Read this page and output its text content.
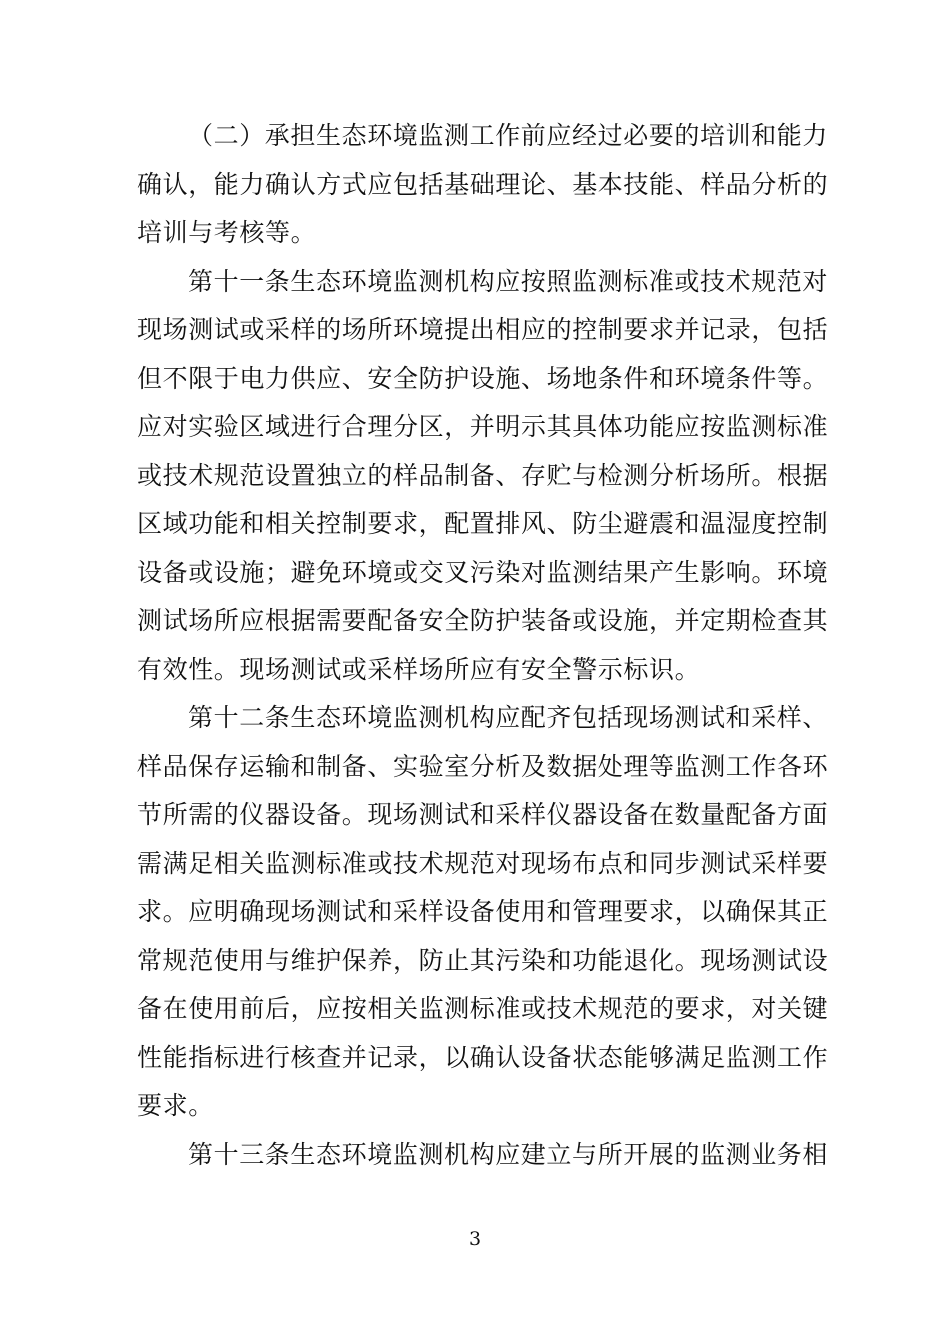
（二）承担生态环境监测工作前应经过必要的培训和能力
确认，能力确认方式应包括基础理论、基本技能、样品分析的
培训与考核等。
第十一条生态环境监测机构应按照监测标准或技术规范对
现场测试或采样的场所环境提出相应的控制要求并记录，包括
但不限于电力供应、安全防护设施、场地条件和环境条件等。
应对实验区域进行合理分区，并明示其具体功能应按监测标准
或技术规范设置独立的样品制备、存贮与检测分析场所。根据
区域功能和相关控制要求，配置排风、防尘避震和温湿度控制
设备或设施；避免环境或交叉污染对监测结果产生影响。环境
测试场所应根据需要配备安全防护装备或设施，并定期检查其
有效性。现场测试或采样场所应有安全警示标识。
第十二条生态环境监测机构应配齐包括现场测试和采样、
样品保存运输和制备、实验室分析及数据处理等监测工作各环
节所需的仪器设备。现场测试和采样仪器设备在数量配备方面
需满足相关监测标准或技术规范对现场布点和同步测试采样要
求。应明确现场测试和采样设备使用和管理要求，以确保其正
常规范使用与维护保养，防止其污染和功能退化。现场测试设
备在使用前后，应按相关监测标准或技术规范的要求，对关键
性能指标进行核查并记录，以确认设备状态能够满足监测工作
要求。
第十三条生态环境监测机构应建立与所开展的监测业务相
3
